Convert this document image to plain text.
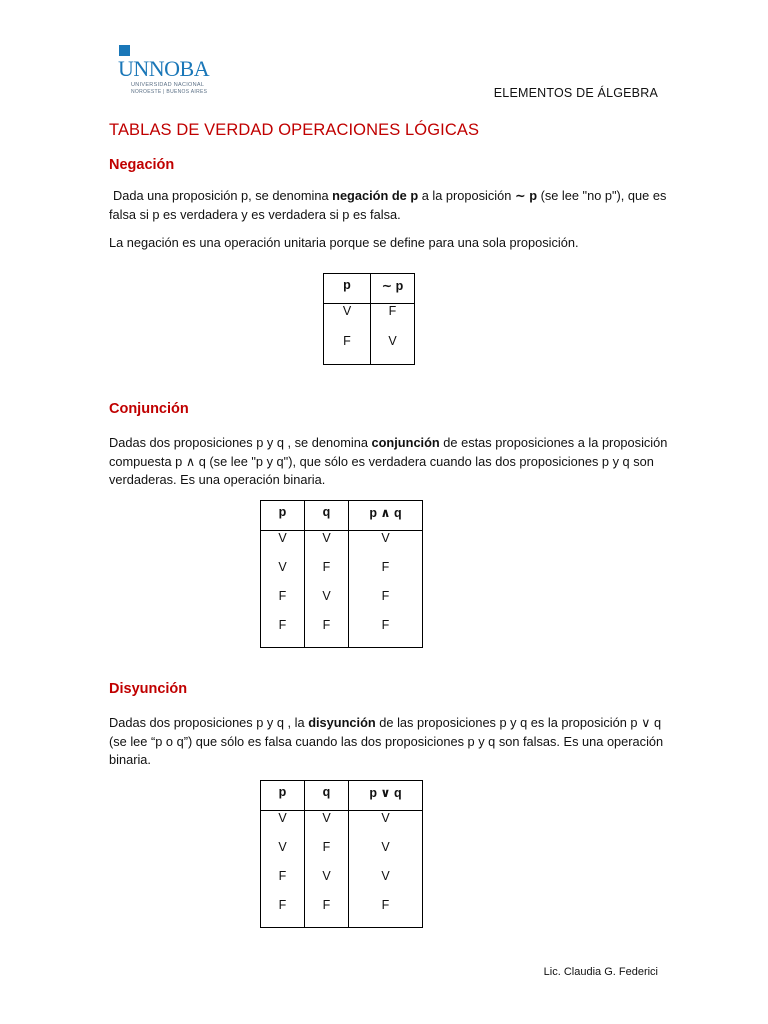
UNNOBA
UNIVERSIDAD NACIONAL
NOROESTE | BUENOS AIRES	ELEMENTOS DE ÁLGEBRA
TABLAS DE VERDAD OPERACIONES LÓGICAS
Negación

Dada una proposición p, se denomina negación de p a la proposición ∼ p (se lee "no p"), que es falsa si p es verdadera y es verdadera si p es falsa.

La negación es una operación unitaria porque se define para una sola proposición.

p	∼ p
V	F
F	V
Conjunción

Dadas dos proposiciones p y q , se denomina conjunción de estas proposiciones a la proposición compuesta p ∧ q (se lee "p y q"), que sólo es verdadera cuando las dos proposiciones p y q son verdaderas. Es una operación binaria.

p	q	p ∧ q
V	V	V
V	F	F
F	V	F
F	F	F
Disyunción

Dadas dos proposiciones p y q , la disyunción de las proposiciones p y q es la proposición p ∨ q (se lee “p o q”) que sólo es falsa cuando las dos proposiciones p y q son falsas. Es una operación binaria.

p	q	p ∨ q
V	V	V
V	F	V
F	V	V
F	F	F
Lic. Claudia G. Federici
